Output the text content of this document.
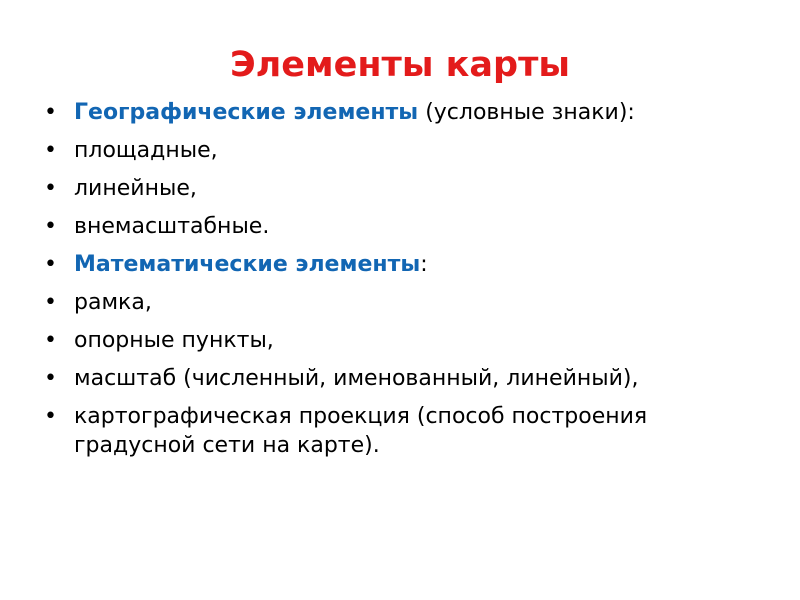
Элементы карты
• Географические элементы (условные знаки):
• площадные,
• линейные,
• внемасштабные.
• Математические элементы:
• рамка,
• опорные пункты,
• масштаб (численный, именованный, линейный),
• картографическая проекция (способ построения градусной сети на карте).
